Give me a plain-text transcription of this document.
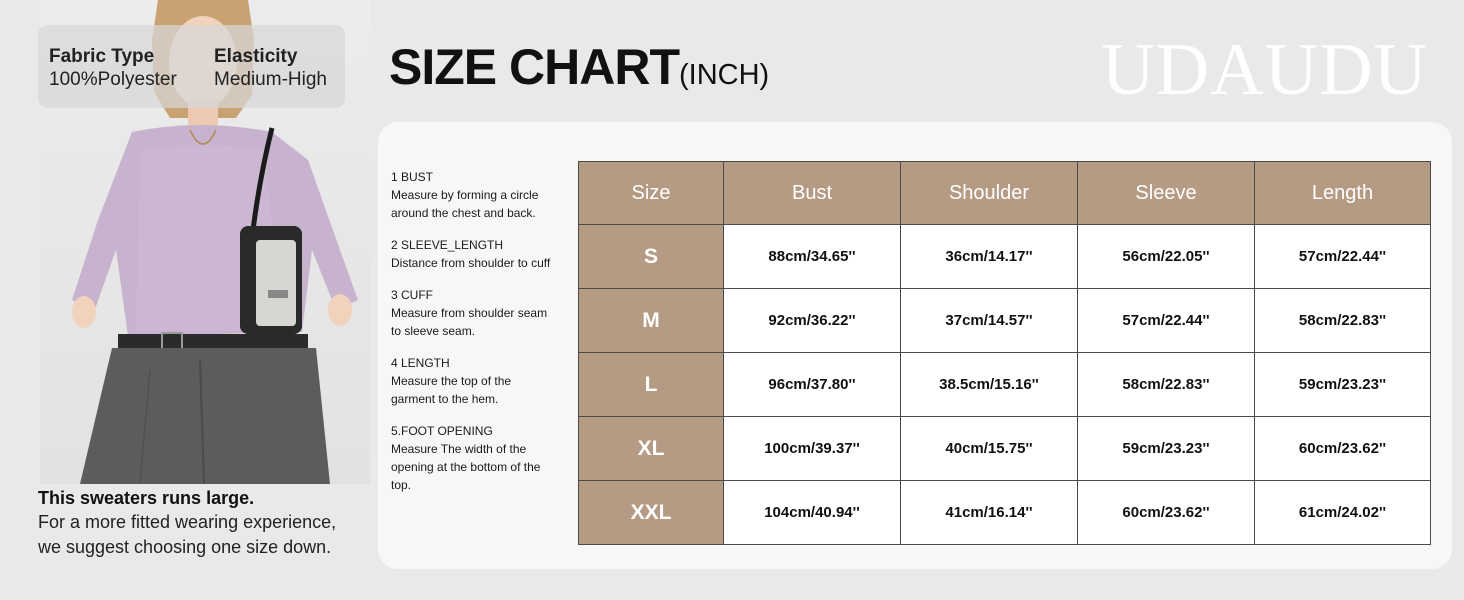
Fabric Type
100%Polyester
Elasticity
Medium-High
This sweaters runs large.
For a more fitted wearing experience,
we suggest choosing one size down.
SIZE CHART(INCH)	UDAUDU
1 BUST
Measure by forming a circle around the chest and back.
2 SLEEVE_LENGTH
Distance from shoulder to cuff
3 CUFF
Measure from shoulder seam to sleeve seam.
4 LENGTH
Measure the top of the garment to the hem.
5.FOOT OPENING
Measure The width of the opening at the bottom of the top.
Size	Bust	Shoulder	Sleeve	Length
S	88cm/34.65''	36cm/14.17''	56cm/22.05''	57cm/22.44''
M	92cm/36.22''	37cm/14.57''	57cm/22.44''	58cm/22.83''
L	96cm/37.80''	38.5cm/15.16''	58cm/22.83''	59cm/23.23''
XL	100cm/39.37''	40cm/15.75''	59cm/23.23''	60cm/23.62''
XXL	104cm/40.94''	41cm/16.14''	60cm/23.62''	61cm/24.02''
